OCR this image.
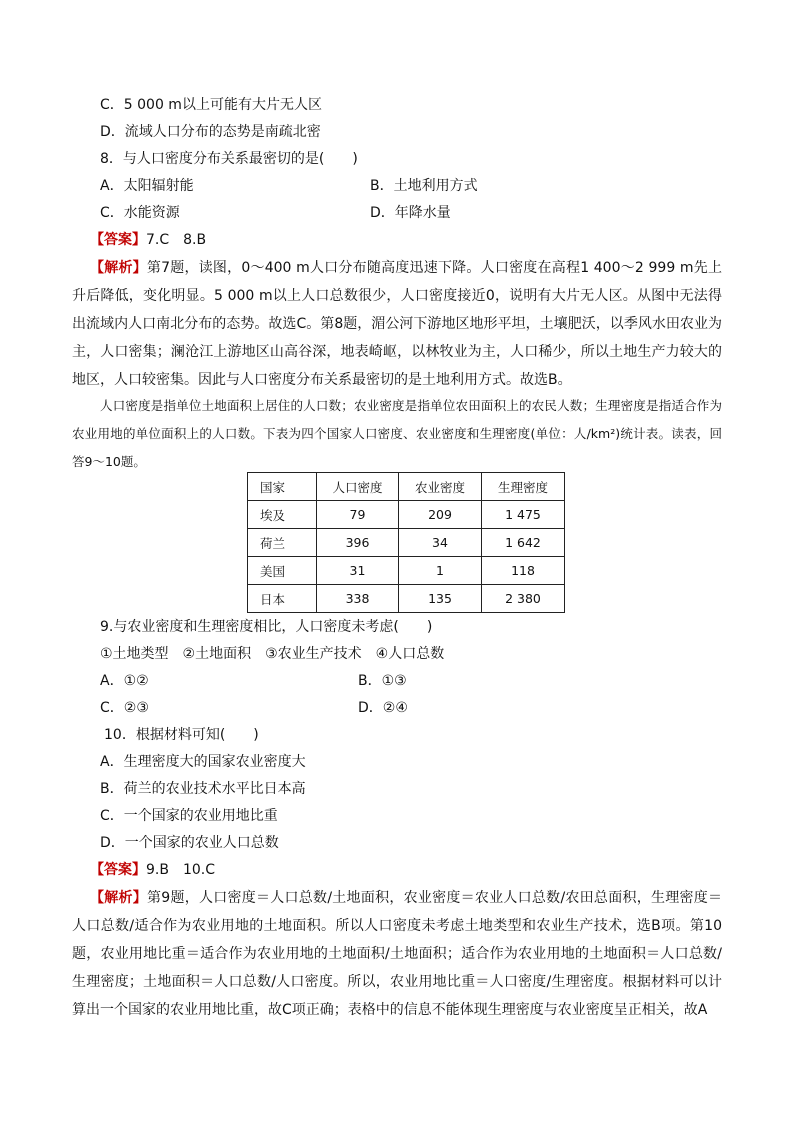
C．5 000 m以上可能有大片无人区
D．流域人口分布的态势是南疏北密
8．与人口密度分布关系最密切的是(　　)
A．太阳辐射能	B．土地利用方式
C．水能资源	D．年降水量
【答案】7.C　8.B
【解析】第7题，读图，0～400 m人口分布随高度迅速下降。人口密度在高程1 400～2 999 m先上升后降低，变化明显。5 000 m以上人口总数很少，人口密度接近0，说明有大片无人区。从图中无法得出流域内人口南北分布的态势。故选C。第8题，湄公河下游地区地形平坦，土壤肥沃，以季风水田农业为主，人口密集；澜沧江上游地区山高谷深，地表崎岖，以林牧业为主，人口稀少，所以土地生产力较大的地区，人口较密集。因此与人口密度分布关系最密切的是土地利用方式。故选B。
人口密度是指单位土地面积上居住的人口数；农业密度是指单位农田面积上的农民人数；生理密度是指适合作为农业用地的单位面积上的人口数。下表为四个国家人口密度、农业密度和生理密度(单位：人/km²)统计表。读表，回答9～10题。
国家	人口密度	农业密度	生理密度
埃及	79	209	1 475
荷兰	396	34	1 642
美国	31	1	118
日本	338	135	2 380
9.与农业密度和生理密度相比，人口密度未考虑(　　)
①土地类型　②土地面积　③农业生产技术　④人口总数
A．①②	B．①③
C．②③	D．②④
10．根据材料可知(　　)
A．生理密度大的国家农业密度大
B．荷兰的农业技术水平比日本高
C．一个国家的农业用地比重
D．一个国家的农业人口总数
【答案】9.B　10.C
【解析】第9题，人口密度＝人口总数/土地面积，农业密度＝农业人口总数/农田总面积，生理密度＝人口总数/适合作为农业用地的土地面积。所以人口密度未考虑土地类型和农业生产技术，选B项。第10题，农业用地比重＝适合作为农业用地的土地面积/土地面积；适合作为农业用地的土地面积＝人口总数/生理密度；土地面积＝人口总数/人口密度。所以，农业用地比重＝人口密度/生理密度。根据材料可以计算出一个国家的农业用地比重，故C项正确；表格中的信息不能体现生理密度与农业密度呈正相关，故A
